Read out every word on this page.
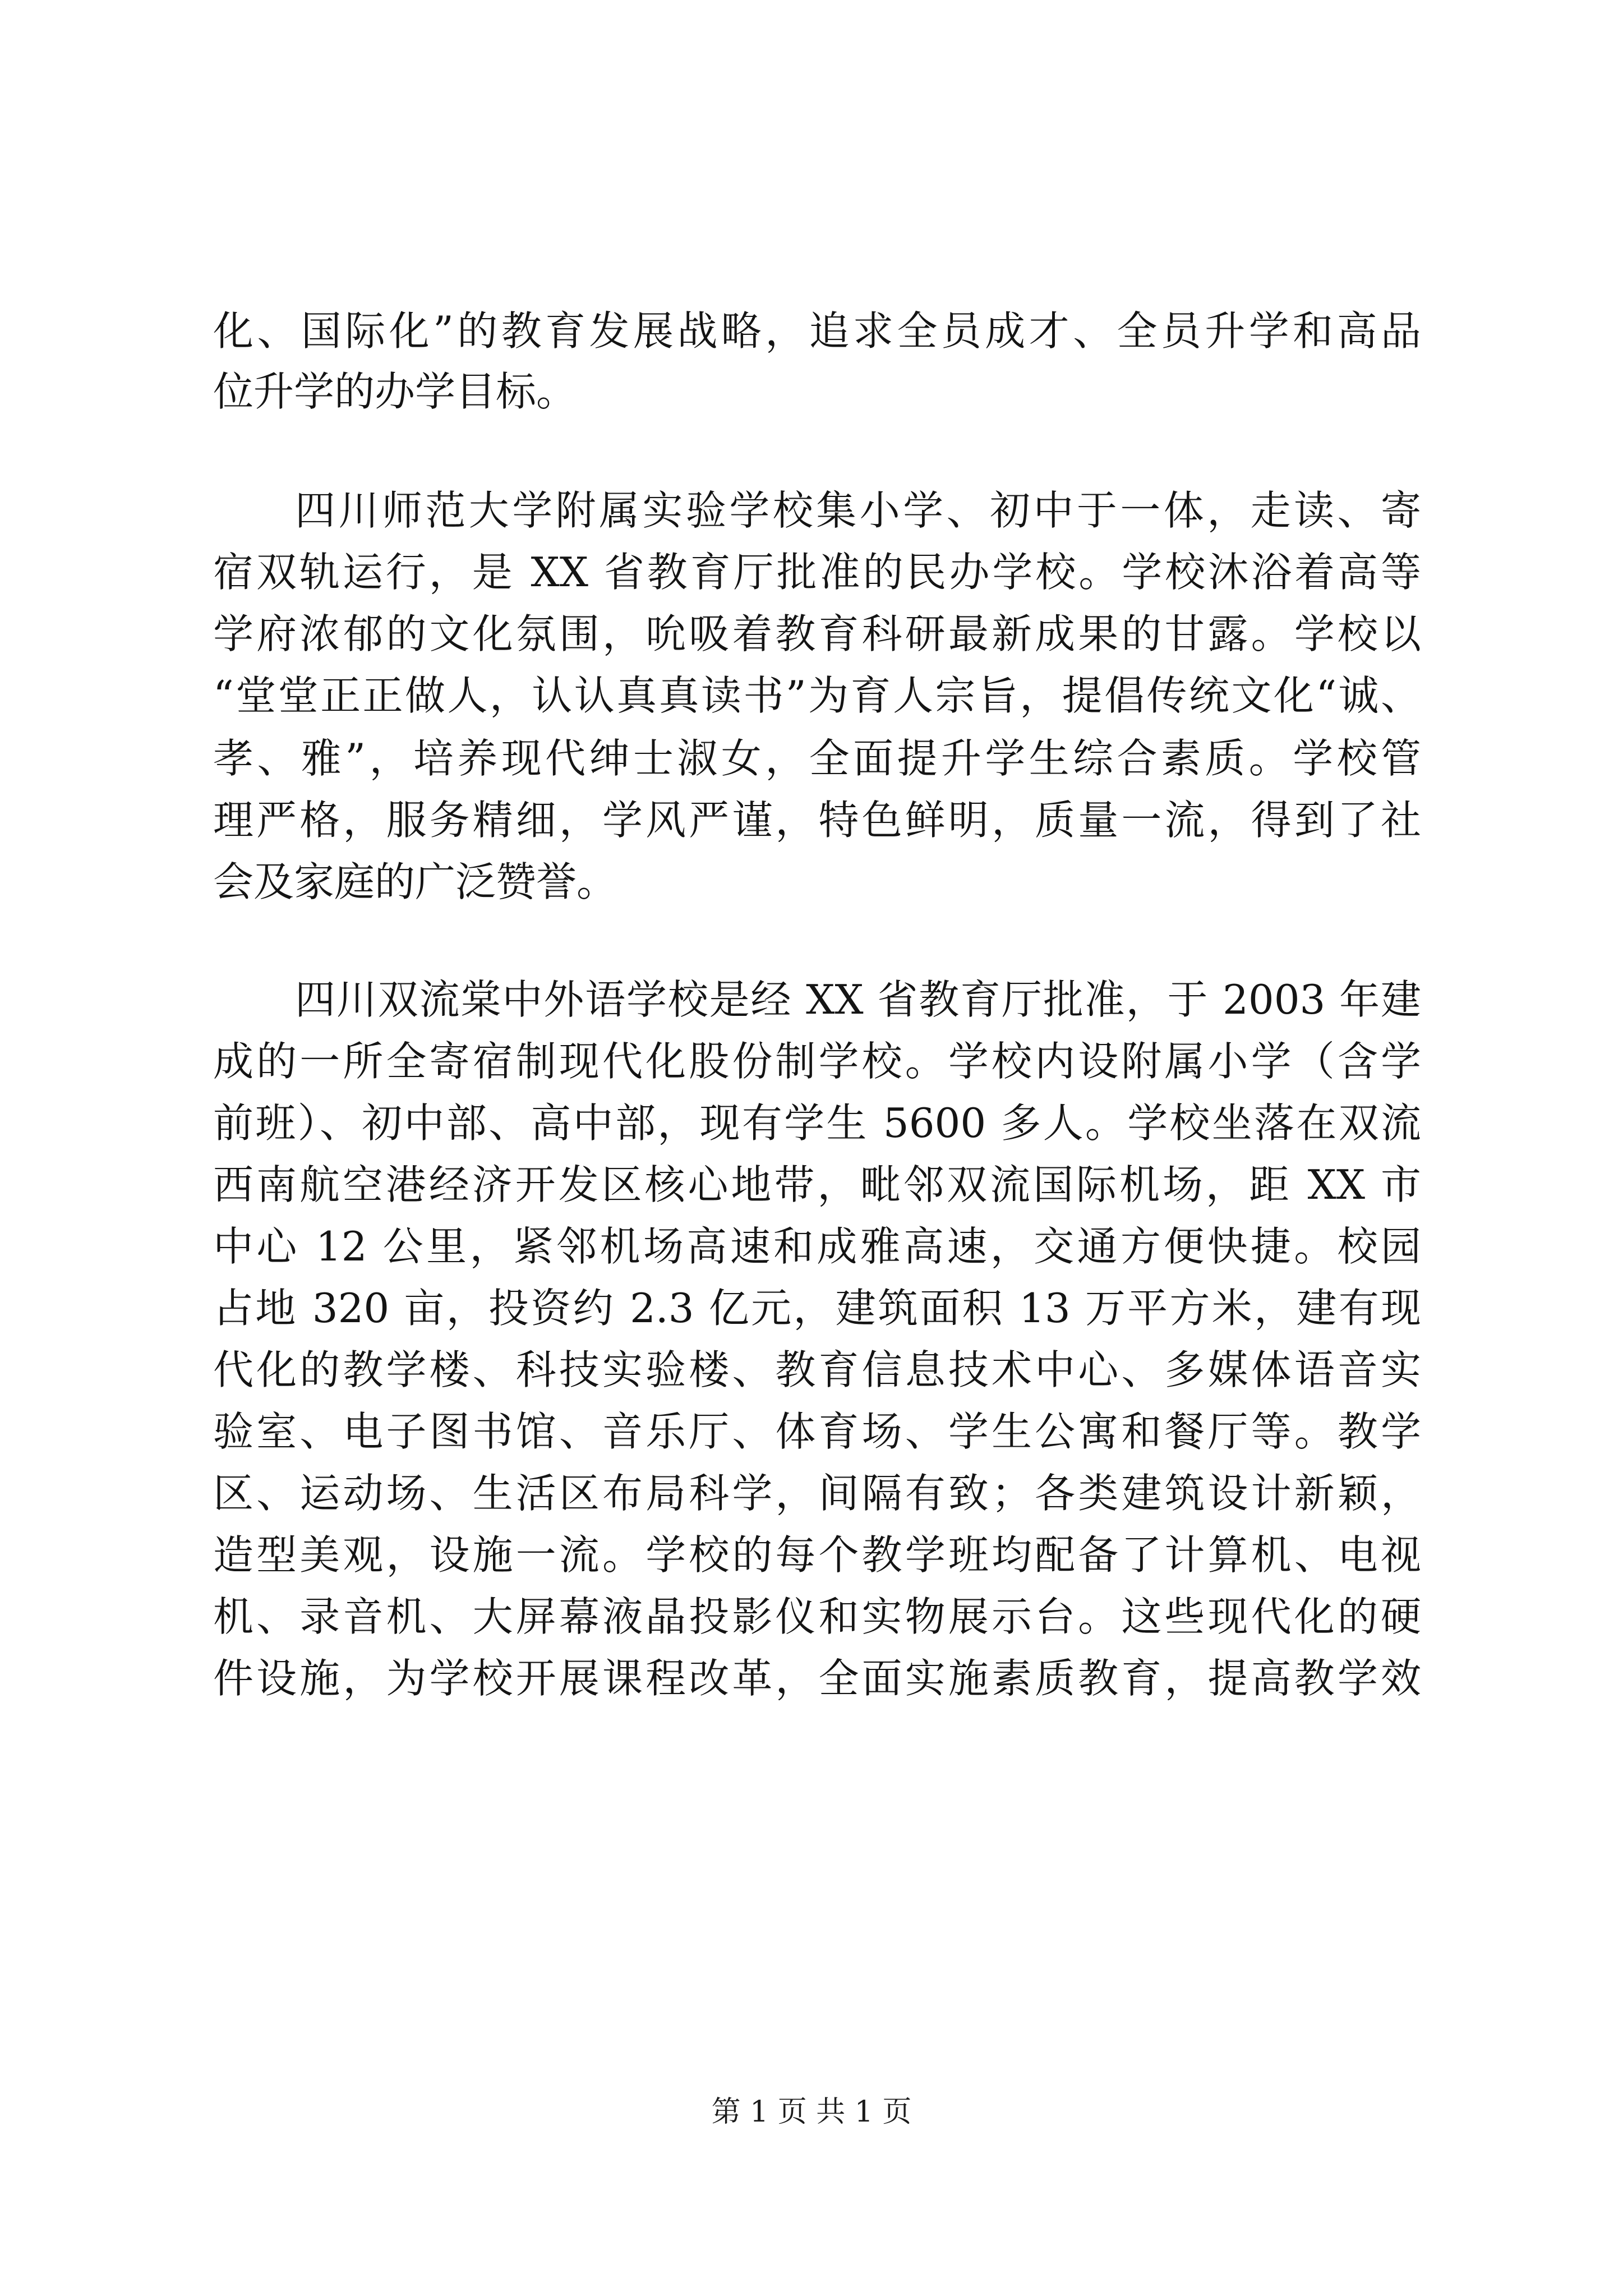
化、国际化”的教育发展战略，追求全员成才、全员升学和高品
位升学的办学目标。
四川师范大学附属实验学校集小学、初中于一体，走读、寄
宿双轨运行，是 XX 省教育厅批准的民办学校。学校沐浴着高等
学府浓郁的文化氛围，吮吸着教育科研最新成果的甘露。学校以
“堂堂正正做人，认认真真读书”为育人宗旨，提倡传统文化“诚、
孝、雅”，培养现代绅士淑女，全面提升学生综合素质。学校管
理严格，服务精细，学风严谨，特色鲜明，质量一流，得到了社
会及家庭的广泛赞誉。
四川双流棠中外语学校是经 XX 省教育厅批准，于 2003 年建
成的一所全寄宿制现代化股份制学校。学校内设附属小学（含学
前班）、初中部、高中部，现有学生 5600 多人。学校坐落在双流
西南航空港经济开发区核心地带，毗邻双流国际机场，距 XX 市
中心 12 公里，紧邻机场高速和成雅高速，交通方便快捷。校园
占地 320 亩，投资约 2.3 亿元，建筑面积 13 万平方米，建有现
代化的教学楼、科技实验楼、教育信息技术中心、多媒体语音实
验室、电子图书馆、音乐厅、体育场、学生公寓和餐厅等。教学
区、运动场、生活区布局科学，间隔有致；各类建筑设计新颖，
造型美观，设施一流。学校的每个教学班均配备了计算机、电视
机、录音机、大屏幕液晶投影仪和实物展示台。这些现代化的硬
件设施，为学校开展课程改革，全面实施素质教育，提高教学效
第 1 页 共 1 页
